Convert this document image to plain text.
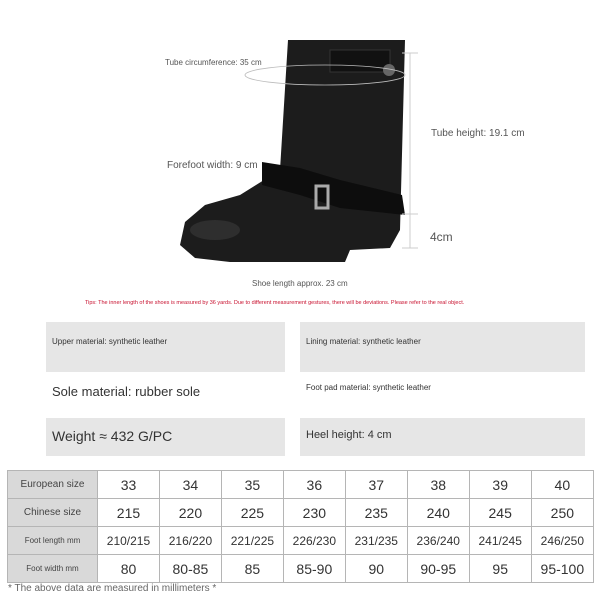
Tube circumference: 35 cm
Tube height: 19.1 cm
Forefoot width: 9 cm
4cm
Shoe length approx. 23 cm
Tips: The inner length of the shoes is measured by 36 yards. Due to different measurement gestures, there will be deviations. Please refer to the real object.
Upper material: synthetic leather	Lining material: synthetic leather
Sole material: rubber sole	Foot pad material: synthetic leather
Weight ≈ 432 G/PC	Heel height: 4 cm
European size	33	34	35	36	37	38	39	40
Chinese size	215	220	225	230	235	240	245	250
Foot length mm	210/215	216/220	221/225	226/230	231/235	236/240	241/245	246/250
Foot width mm	80	80-85	85	85-90	90	90-95	95	95-100
* The above data are measured in millimeters *
